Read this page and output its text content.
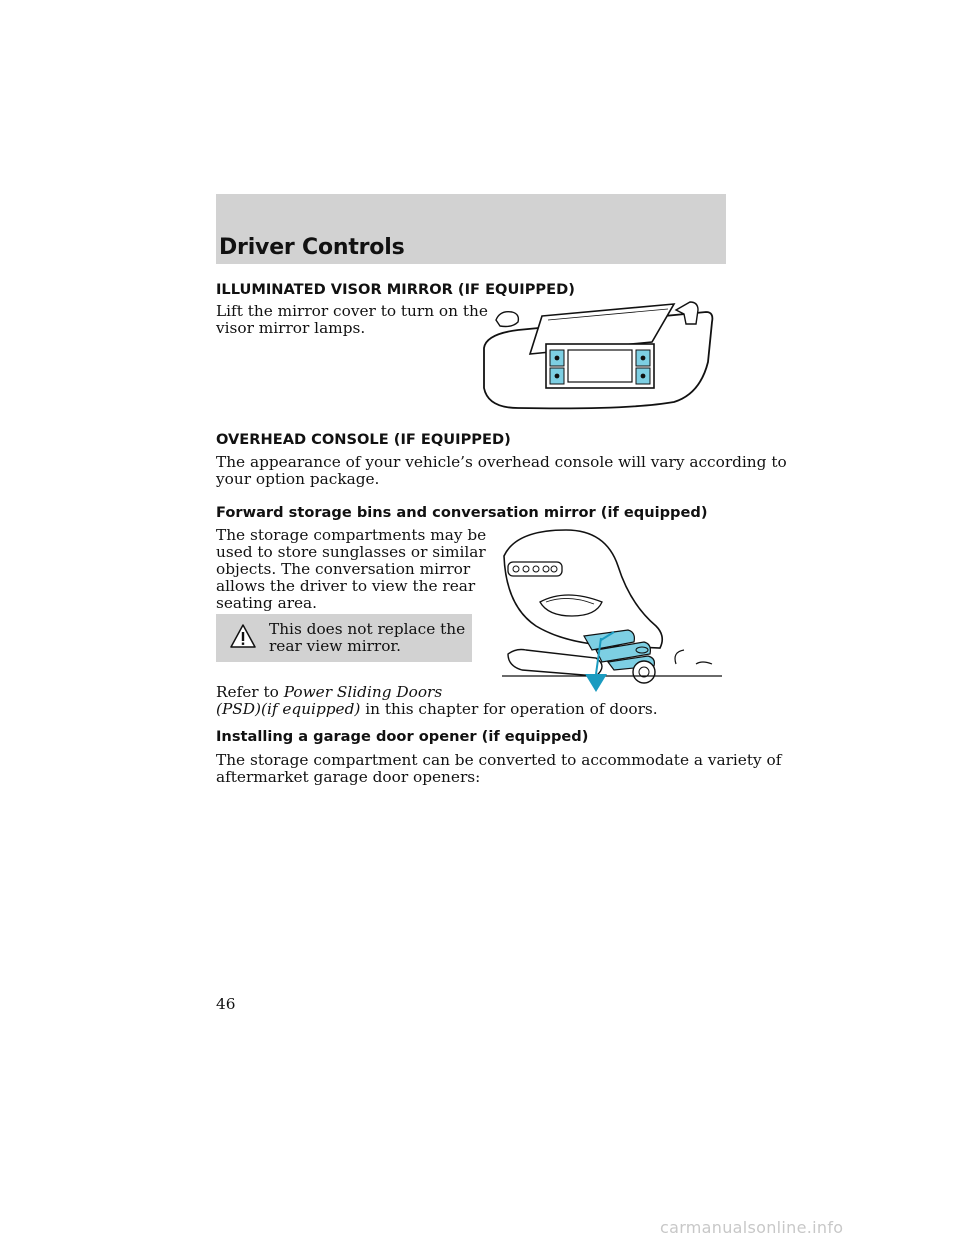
Driver Controls
ILLUMINATED VISOR MIRROR (IF EQUIPPED)
Lift the mirror cover to turn on the
visor mirror lamps.
OVERHEAD CONSOLE (IF EQUIPPED)
The appearance of your vehicle’s overhead console will vary according to
your option package.
Forward storage bins and conversation mirror (if equipped)
The storage compartments may be
used to store sunglasses or similar
objects. The conversation mirror
allows the driver to view the rear
seating area.
This does not replace the
rear view mirror.
Refer to Power Sliding Doors
(PSD)(if equipped) in this chapter for operation of doors.
Installing a garage door opener (if equipped)
The storage compartment can be converted to accommodate a variety of
aftermarket garage door openers:
46
carmanualsonline.info
